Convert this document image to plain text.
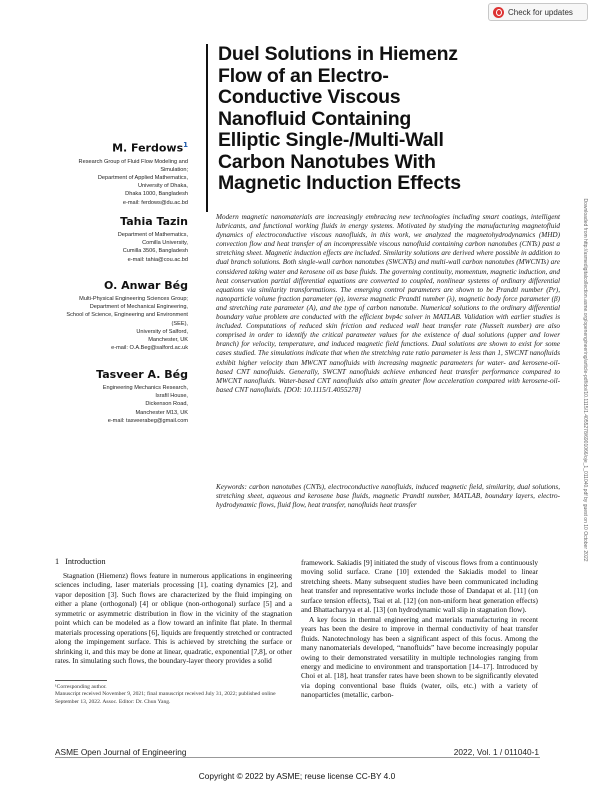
Check for updates
Duel Solutions in Hiemenz Flow of an Electro-Conductive Viscous Nanofluid Containing Elliptic Single-/Multi-Wall Carbon Nanotubes With Magnetic Induction Effects
M. Ferdows$^1$
Research Group of Fluid Flow Modeling and
Simulation;
Department of Applied Mathematics,
University of Dhaka,
Dhaka 1000, Bangladesh
e-mail: ferdows@du.ac.bd
Tahia Tazin
Department of Mathematics,
Comilla University,
Cumilla 3506, Bangladesh
e-mail: tahia@cou.ac.bd
O. Anwar Bég
Multi-Physical Engineering Sciences Group;
Department of Mechanical Engineering,
School of Science, Engineering and Environment
(SEE),
University of Salford,
Manchester, UK
e-mail: O.A.Beg@salford.ac.uk
Tasveer A. Bég
Engineering Mechanics Research,
Israfil House,
Dickenson Road,
Manchester M13, UK
e-mail: tasveerabeg@gmail.com

Modern magnetic nanomaterials are increasingly embracing new technologies including smart coatings, intelligent lubricants, and functional working fluids in energy systems. Motivated by studying the manufacturing magnetofluid dynamics of electroconductive viscous nanofluids, in this work, we analyzed the magnetohydrodynamics (MHD) convection flow and heat transfer of an incompressible viscous nanofluid containing carbon nanotubes (CNTs) past a stretching sheet. Magnetic induction effects are included. Similarity solutions are derived where possible in addition to dual branch solutions. Both single-wall carbon nanotubes (SWCNTs) and multi-wall carbon nanotubes (MWCNTs) are considered taking water and kerosene oil as base fluids. The governing continuity, momentum, magnetic induction, and heat conservation partial differential equations are converted to coupled, nonlinear systems of ordinary differential equations via similarity transformations. The emerging control parameters are shown to be Prandtl number (Pr), nanoparticle volume fraction parameter (φ), inverse magnetic Prandtl number (λ), magnetic body force parameter (β) and stretching rate parameter (A), and the type of carbon nanotube. Numerical solutions to the ordinary differential boundary value problem are conducted with the efficient bvp4c solver in MATLAB. Validation with earlier studies is included. Computations of reduced skin friction and reduced wall heat transfer rate (Nusselt number) are also comprised in order to identify the critical parameter values for the existence of dual solutions (upper and lower branch) for velocity, temperature, and induced magnetic field functions. Dual solutions are shown to exist for some cases studied. The simulations indicate that when the stretching rate ratio parameter is less than 1, SWCNT nanofluids exhibit higher velocity than MWCNT nanofluids with increasing magnetic parameters for water- and kerosene-oil-based CNT nanofluids. Generally, SWCNT nanofluids achieve enhanced heat transfer performance compared to MWCNT nanofluids. Water-based CNT nanofluids also attain greater flow acceleration compared with kerosene-oil-based CNT nanofluids. [DOI: 10.1115/1.4055278]

Keywords: carbon nanotubes (CNTs), electroconductive nanofluids, induced magnetic field, similarity, dual solutions, stretching sheet, aqueous and kerosene base fluids, magnetic Prandtl number, MATLAB, boundary layers, electro-hydrodynamic flows, fluid flow, heat transfer, nanofluids heat transfer

1 Introduction

Stagnation (Hiemenz) flows feature in numerous applications in engineering sciences including, laser materials processing [1], coating dynamics [2], and vapor deposition [3]. Such flows are characterized by the fluid impinging on either a plane (orthogonal) [4] or oblique (non-orthogonal) surface [5] and a symmetric or asymmetric distribution in flow in the vicinity of the stagnation point which can be modeled as a flow toward an infinite flat plate. In thermal materials processing operations [6], liquids are frequently stretched or contracted along the impingement surface. This is achieved by stretching the surface or shrinking it, and this may be done at linear, quadratic, exponential [7,8], or other rates. In simulating such flows, the boundary-layer theory provides a solid

framework. Sakiadis [9] initiated the study of viscous flows from a continuously moving solid surface. Crane [10] extended the Sakiadis model to linear stretching sheets. Many subsequent studies have been communicated including heat transfer and representative works include those of Dandapat et al. [11] (on surface tension effects), Tsai et al. [12] (on non-uniform heat generation effects) and Bhattacharyya et al. [13] (on hydrodynamic wall slip in stagnation flow).

A key focus in thermal engineering and materials manufacturing in recent years has been the desire to improve in thermal conductivity of heat transfer fluids. Nanotechnology has been a significant aspect of this focus. Among the many nanomaterials developed, “nanofluids” have become increasingly popular owing to their demonstrated versatility in multiple technologies ranging from energy and medicine to environment and transportation [14–17]. Introduced by Choi et al. [18], heat transfer rates have been shown to be significantly elevated via doping conventional base fluids (water, oils, etc.) with a variety of nanoparticles (metallic, carbon-

¹Corresponding author.
Manuscript received November 9, 2021; final manuscript received July 31, 2022; published online September 13, 2022. Assoc. Editor: Dr. Chun Yang.
ASME Open Journal of Engineering	2022, Vol. 1 / 011040-1
Copyright © 2022 by ASME; reuse license CC-BY 4.0
Downloaded from http://asmedigitalcollection.asme.org/openengineering/article-pdf/doi/10.1115/1.4055278/6901066/oje_1_011040.pdf by guest on 10 October 2022
